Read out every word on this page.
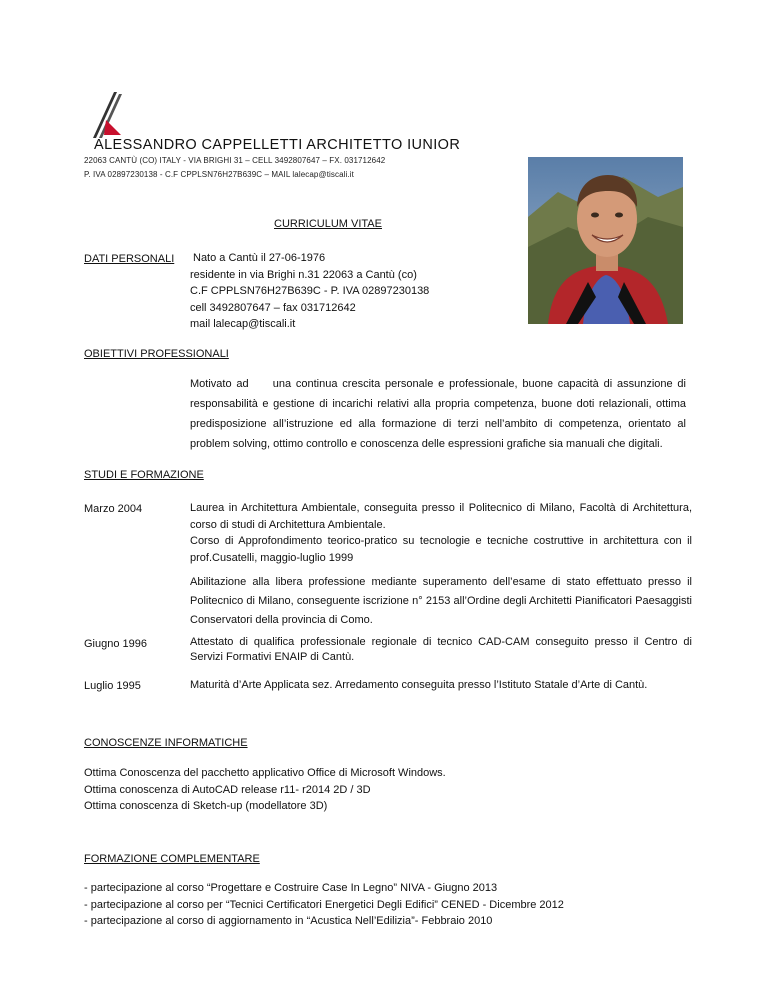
ALESSANDRO CAPPELLETTI ARCHITETTO IUNIOR
22063 CANTÙ (CO) ITALY - VIA BRIGHI 31 – CELL 3492807647 – FX. 031712642
P. IVA 02897230138 - C.F CPPLSN76H27B639C – MAIL lalecap@tiscali.it
CURRICULUM VITAE
DATI PERSONALI Nato a Cantù il 27-06-1976

residente in via Brighi n.31 22063 a Cantù (co)

C.F CPPLSN76H27B639C - P. IVA 02897230138

cell 3492807647 – fax 031712642

mail lalecap@tiscali.it

OBIETTIVI PROFESSIONALI
Motivato ad     una continua crescita personale e professionale, buone capacità di assunzione di responsabilità e gestione di incarichi relativi alla propria competenza, buone doti relazionali, ottima predisposizione all’istruzione ed alla formazione di terzi nell’ambito di competenza, orientato al problem solving, ottimo controllo e conoscenza delle espressioni grafiche sia manuali che digitali.
STUDI E FORMAZIONE
Marzo 2004	Laurea in Architettura Ambientale, conseguita presso il Politecnico di Milano, Facoltà di Architettura, corso di studi di Architettura Ambientale.

Corso di Approfondimento teorico-pratico su tecnologie e tecniche costruttive in architettura con il prof.Cusatelli, maggio-luglio 1999

Abilitazione alla libera professione mediante superamento dell’esame di stato effettuato presso il Politecnico di Milano, conseguente iscrizione n° 2153 all’Ordine degli Architetti Pianificatori Paesaggisti Conservatori della provincia di Como.

Giugno 1996	Attestato di qualifica professionale regionale di tecnico CAD-CAM conseguito presso il Centro di Servizi Formativi ENAIP di Cantù.
Luglio 1995	Maturità d’Arte Applicata sez. Arredamento conseguita presso l’Istituto Statale d’Arte di Cantù.
CONOSCENZE INFORMATICHE

Ottima Conoscenza del pacchetto applicativo Office di Microsoft Windows.

Ottima conoscenza di AutoCAD release r11- r2014 2D / 3D

Ottima conoscenza di Sketch-up (modellatore 3D)

FORMAZIONE COMPLEMENTARE

- partecipazione al corso “Progettare e Costruire Case In Legno” NIVA - Giugno 2013

- partecipazione al corso per “Tecnici Certificatori Energetici Degli Edifici” CENED - Dicembre 2012

- partecipazione al corso di aggiornamento in “Acustica Nell’Edilizia”- Febbraio 2010
